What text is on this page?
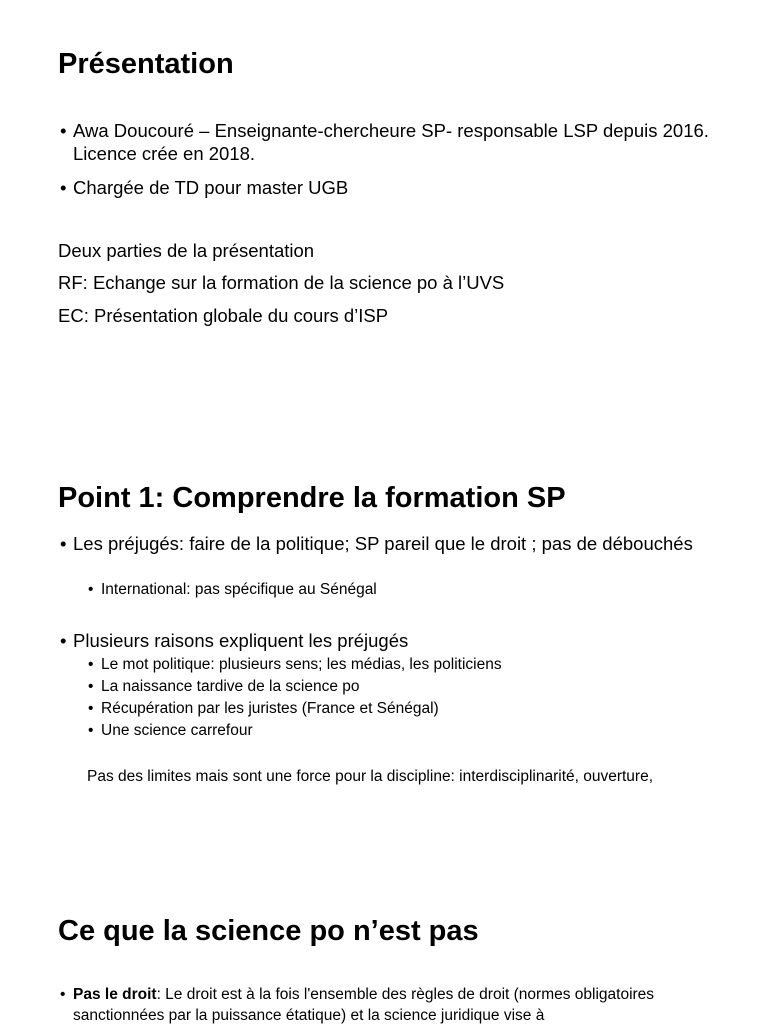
Présentation
• Awa Doucouré – Enseignante-chercheure SP- responsable LSP depuis 2016. Licence crée en 2018.
• Chargée de TD pour master UGB
Deux parties de la présentation
RF: Echange sur la formation de la science po à l’UVS
EC: Présentation globale du cours d’ISP
Point 1: Comprendre la formation SP
• Les préjugés: faire de la politique; SP pareil que le droit ; pas de débouchés
• International: pas spécifique au Sénégal
• Plusieurs raisons expliquent les préjugés
• Le mot politique: plusieurs sens; les médias, les politiciens
• La naissance tardive de la science po
• Récupération par les juristes (France et Sénégal)
• Une science carrefour
Pas des limites mais sont une force pour la discipline: interdisciplinarité, ouverture,
Ce que la science po n’est pas
• Pas le droit: Le droit est à la fois l'ensemble des règles de droit (normes obligatoires sanctionnées par la puissance étatique) et la science juridique vise à
